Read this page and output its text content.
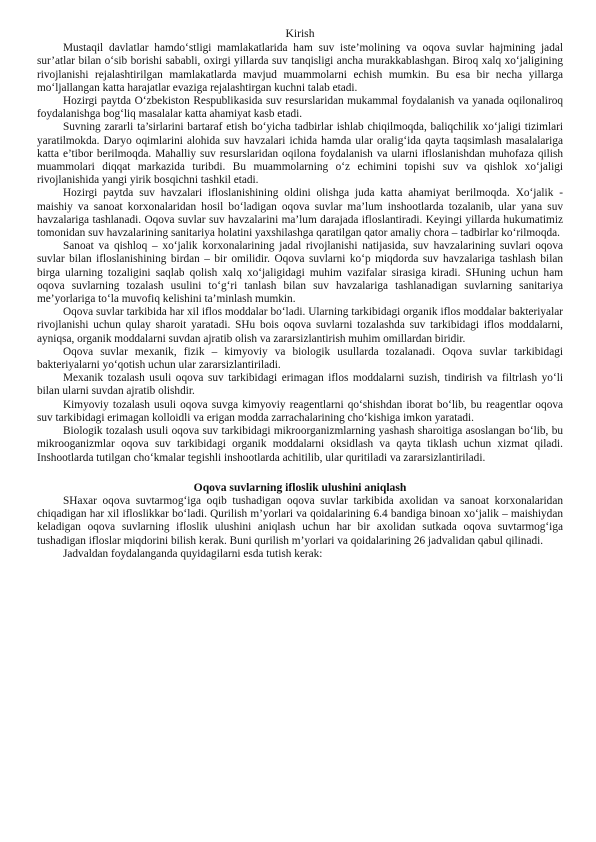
Kirish

Mustaqil davlatlar hamdo‘stligi mamlakatlarida ham suv iste’molining va oqova suvlar hajmining jadal sur’atlar bilan o‘sib borishi sababli, oxirgi yillarda suv tanqisligi ancha murakkablashgan. Biroq xalq xo‘jaligining rivojlanishi rejalashtirilgan mamlakatlarda mavjud muammolarni echish mumkin. Bu esa bir necha yillarga mo‘ljallangan katta harajatlar evaziga rejalashtirgan kuchni talab etadi.

Hozirgi paytda O‘zbekiston Respublikasida suv resurslaridan mukammal foydalanish va yanada oqilonaliroq foydalanishga bog‘liq masalalar katta ahamiyat kasb etadi.

Suvning zararli ta’sirlarini bartaraf etish bo‘yicha tadbirlar ishlab chiqilmoqda, baliqchilik xo‘jaligi tizimlari yaratilmokda. Daryo oqimlarini alohida suv havzalari ichida hamda ular oralig‘ida qayta taqsimlash masalalariga katta e’tibor berilmoqda. Mahalliy suv resurslaridan oqilona foydalanish va ularni ifloslanishdan muhofaza qilish muammolari diqqat markazida turibdi. Bu muammolarning o‘z echimini topishi suv va qishlok xo‘jaligi rivojlanishida yangi yirik bosqichni tashkil etadi.

Hozirgi paytda suv havzalari ifloslanishining oldini olishga juda katta ahamiyat berilmoqda. Xo‘jalik - maishiy va sanoat korxonalaridan hosil bo‘ladigan oqova suvlar ma’lum inshootlarda tozalanib, ular yana suv havzalariga tashlanadi. Oqova suvlar suv havzalarini ma’lum darajada ifloslantiradi. Keyingi yillarda hukumatimiz tomonidan suv havzalarining sanitariya holatini yaxshilashga qaratilgan qator amaliy chora – tadbirlar ko‘rilmoqda.

Sanoat va qishloq – xo‘jalik korxonalarining jadal rivojlanishi natijasida, suv havzalarining suvlari oqova suvlar bilan ifloslanishining birdan – bir omilidir. Oqova suvlarni ko‘p miqdorda suv havzalariga tashlash bilan birga ularning tozaligini saqlab qolish xalq xo‘jaligidagi muhim vazifalar sirasiga kiradi. SHuning uchun ham oqova suvlarning tozalash usulini to‘g‘ri tanlash bilan suv havzalariga tashlanadigan suvlarning sanitariya me’yorlariga to‘la muvofiq kelishini ta’minlash mumkin.

Oqova suvlar tarkibida har xil iflos moddalar bo‘ladi. Ularning tarkibidagi organik iflos moddalar bakteriyalar rivojlanishi uchun qulay sharoit yaratadi. SHu bois oqova suvlarni tozalashda suv tarkibidagi iflos moddalarni, ayniqsa, organik moddalarni suvdan ajratib olish va zararsizlantirish muhim omillardan biridir.

Oqova suvlar mexanik, fizik – kimyoviy va biologik usullarda tozalanadi. Oqova suvlar tarkibidagi bakteriyalarni yo‘qotish uchun ular zararsizlantiriladi.

Mexanik tozalash usuli oqova suv tarkibidagi erimagan iflos moddalarni suzish, tindirish va filtrlash yo‘li bilan ularni suvdan ajratib olishdir.

Kimyoviy tozalash usuli oqova suvga kimyoviy reagentlarni qo‘shishdan iborat bo‘lib, bu reagentlar oqova suv tarkibidagi erimagan kolloidli va erigan modda zarrachalarining cho‘kishiga imkon yaratadi.

Biologik tozalash usuli oqova suv tarkibidagi mikroorganizmlarning yashash sharoitiga asoslangan bo‘lib, bu mikrooganizmlar oqova suv tarkibidagi organik moddalarni oksidlash va qayta tiklash uchun xizmat qiladi. Inshootlarda tutilgan cho‘kmalar tegishli inshootlarda achitilib, ular quritiladi va zararsizlantiriladi.

Oqova suvlarning ifloslik ulushini aniqlash

SHaxar oqova suvtarmog‘iga oqib tushadigan oqova suvlar tarkibida axolidan va sanoat korxonalaridan chiqadigan har xil ifloslikkar bo‘ladi. Qurilish m’yorlari va qoidalarining 6.4 bandiga binoan xo‘jalik – maishiydan keladigan oqova suvlarning ifloslik ulushini aniqlash uchun har bir axolidan sutkada oqova suvtarmog‘iga tushadigan ifloslar miqdorini bilish kerak. Buni qurilish m’yorlari va qoidalarining 26 jadvalidan qabul qilinadi.

Jadvaldan foydalanganda quyidagilarni esda tutish kerak:
